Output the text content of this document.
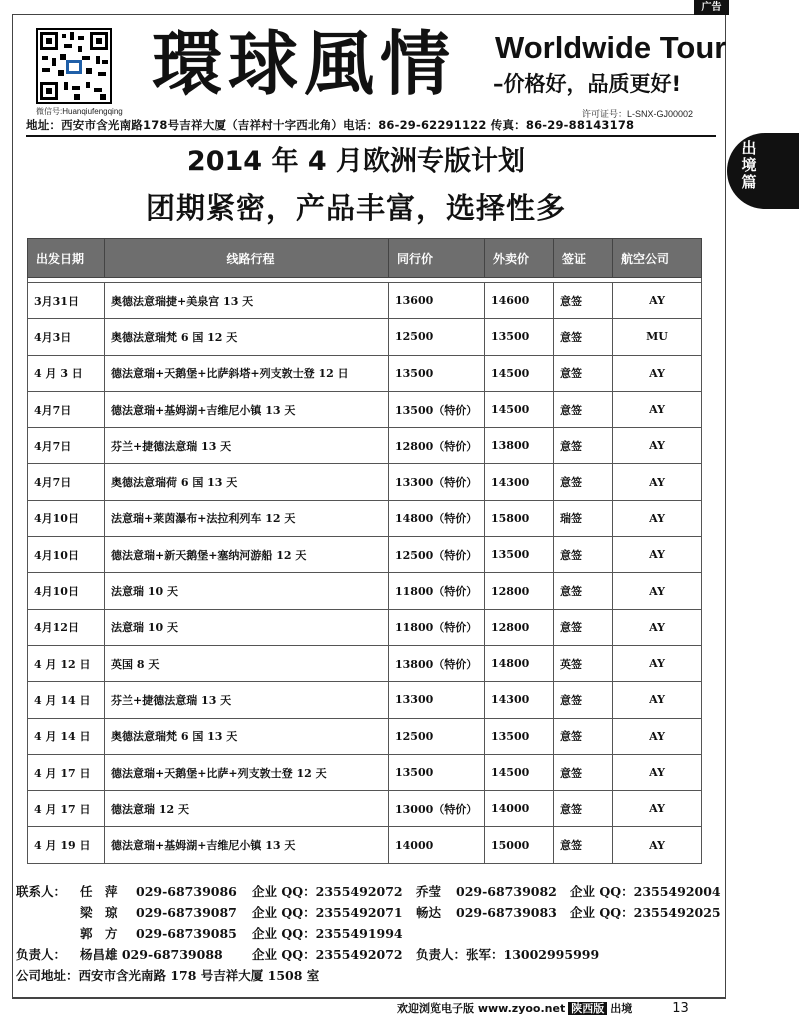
广告
出
境
篇
微信号:Huanqiufengqing
環球風情	Worldwide Tour
–价格好，品质更好!
许可证号：L-SNX-GJ00002
地址：西安市含光南路178号吉祥大厦（吉祥村十字西北角）电话：86-29-62291122 传真：86-29-88143178
2014 年 4 月欧洲专版计划
团期紧密，产品丰富，选择性多
出发日期	线路行程	同行价	外卖价	签证	航空公司

3月31日	奥德法意瑞捷+美泉宫 13 天	13600	14600	意签	AY
4月3日	奥德法意瑞梵 6 国 12 天	12500	13500	意签	MU
4 月 3 日	德法意瑞+天鹅堡+比萨斜塔+列支敦士登 12 日	13500	14500	意签	AY
4月7日	德法意瑞+基姆湖+吉维尼小镇 13 天	13500（特价）	14500	意签	AY
4月7日	芬兰+捷德法意瑞 13 天	12800（特价）	13800	意签	AY
4月7日	奥德法意瑞荷 6 国 13 天	13300（特价）	14300	意签	AY
4月10日	法意瑞+莱茵瀑布+法拉利列车 12 天	14800（特价）	15800	瑞签	AY
4月10日	德法意瑞+新天鹅堡+塞纳河游船 12 天	12500（特价）	13500	意签	AY
4月10日	法意瑞 10 天	11800（特价）	12800	意签	AY
4月12日	法意瑞 10 天	11800（特价）	12800	意签	AY
4 月 12 日	英国 8 天	13800（特价）	14800	英签	AY
4 月 14 日	芬兰+捷德法意瑞 13 天	13300	14300	意签	AY
4 月 14 日	奥德法意瑞梵 6 国 13 天	12500	13500	意签	AY
4 月 17 日	德法意瑞+天鹅堡+比萨+列支敦士登 12 天	13500	14500	意签	AY
4 月 17 日	德法意瑞 12 天	13000（特价）	14000	意签	AY
4 月 19 日	德法意瑞+基姆湖+吉维尼小镇 13 天	14000	15000	意签	AY
联系人： 任　萍 029-68739086 企业 QQ：2355492072 乔莹 029-68739082 企业 QQ：2355492004
梁　琼 029-68739087 企业 QQ：2355492071 畅达 029-68739083 企业 QQ：2355492025
郭　方 029-68739085 企业 QQ：2355491994
负责人： 杨昌雄 029-68739088 企业 QQ：2355492072 负责人：张军：13002995999
公司地址：西安市含光南路 178 号吉祥大厦 1508 室
欢迎浏览电子版 www.zyoo.net 陕西版 出境	13
